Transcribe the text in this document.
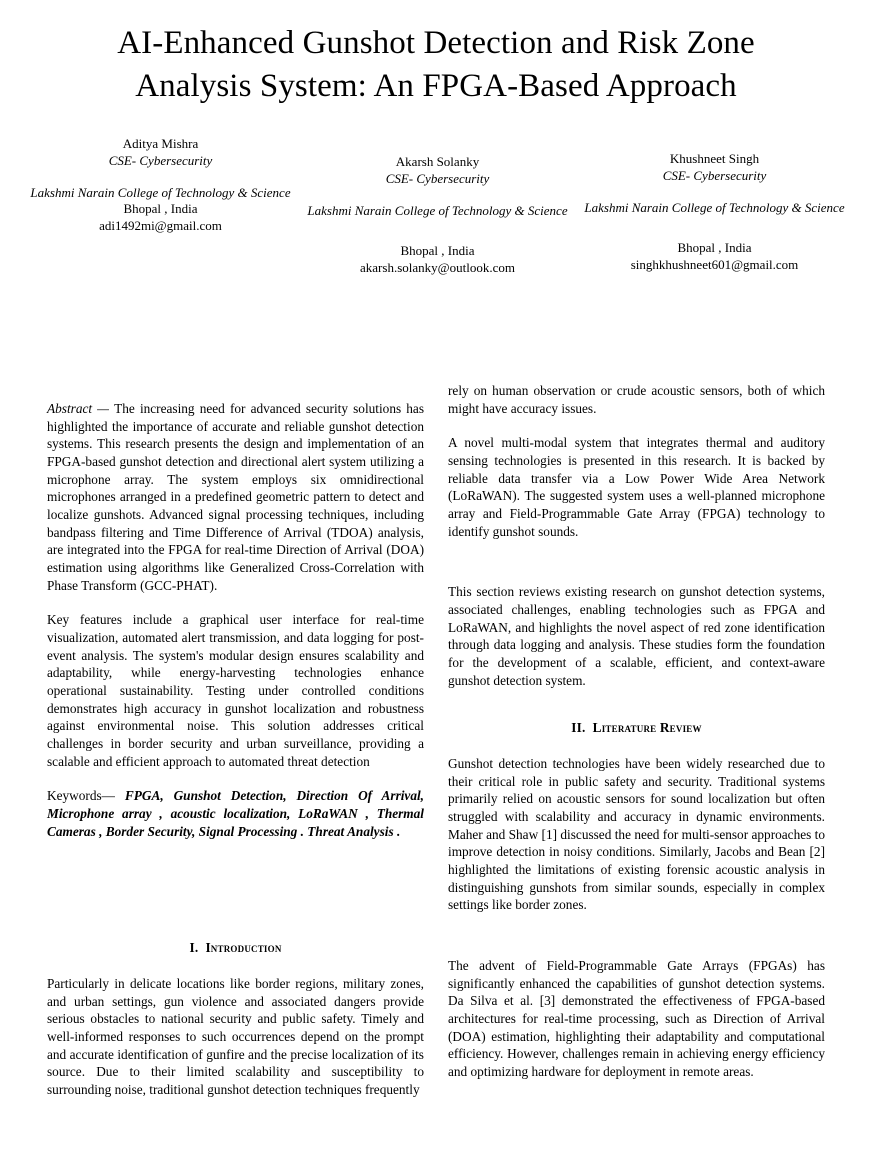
AI-Enhanced Gunshot Detection and Risk Zone Analysis System: An FPGA-Based Approach
Aditya Mishra
CSE- Cybersecurity
Lakshmi Narain College of Technology & Science
Bhopal , India
adi1492mi@gmail.com
Akarsh Solanky
CSE- Cybersecurity
Lakshmi Narain College of Technology & Science
Bhopal , India
akarsh.solanky@outlook.com
Khushneet Singh
CSE- Cybersecurity
Lakshmi Narain College of Technology & Science
Bhopal , India
singhkhushneet601@gmail.com

Abstract — The increasing need for advanced security solutions has highlighted the importance of accurate and reliable gunshot detection systems. This research presents the design and implementation of an FPGA-based gunshot detection and directional alert system utilizing a microphone array. The system employs six omnidirectional microphones arranged in a predefined geometric pattern to detect and localize gunshots. Advanced signal processing techniques, including bandpass filtering and Time Difference of Arrival (TDOA) analysis, are integrated into the FPGA for real-time Direction of Arrival (DOA) estimation using algorithms like Generalized Cross-Correlation with Phase Transform (GCC-PHAT).

Key features include a graphical user interface for real-time visualization, automated alert transmission, and data logging for post-event analysis. The system's modular design ensures scalability and adaptability, while energy-harvesting technologies enhance operational sustainability. Testing under controlled conditions demonstrates high accuracy in gunshot localization and robustness against environmental noise. This solution addresses critical challenges in border security and urban surveillance, providing a scalable and efficient approach to automated threat detection

Keywords— FPGA, Gunshot Detection, Direction Of Arrival, Microphone array , acoustic localization, LoRaWAN , Thermal Cameras , Border Security, Signal Processing . Threat Analysis .

I. Introduction

Particularly in delicate locations like border regions, military zones, and urban settings, gun violence and associated dangers provide serious obstacles to national security and public safety. Timely and well-informed responses to such occurrences depend on the prompt and accurate identification of gunfire and the precise localization of its source. Due to their limited scalability and susceptibility to surrounding noise, traditional gunshot detection techniques frequently

rely on human observation or crude acoustic sensors, both of which might have accuracy issues.

A novel multi-modal system that integrates thermal and auditory sensing technologies is presented in this research. It is backed by reliable data transfer via a Low Power Wide Area Network (LoRaWAN). The suggested system uses a well-planned microphone array and Field-Programmable Gate Array (FPGA) technology to identify gunshot sounds.

This section reviews existing research on gunshot detection systems, associated challenges, enabling technologies such as FPGA and LoRaWAN, and highlights the novel aspect of red zone identification through data logging and analysis. These studies form the foundation for the development of a scalable, efficient, and context-aware gunshot detection system.

II. Literature Review

Gunshot detection technologies have been widely researched due to their critical role in public safety and security. Traditional systems primarily relied on acoustic sensors for sound localization but often struggled with scalability and accuracy in dynamic environments. Maher and Shaw [1] discussed the need for multi-sensor approaches to improve detection in noisy conditions. Similarly, Jacobs and Bean [2] highlighted the limitations of existing forensic acoustic analysis in distinguishing gunshots from similar sounds, especially in complex settings like border zones.

The advent of Field-Programmable Gate Arrays (FPGAs) has significantly enhanced the capabilities of gunshot detection systems. Da Silva et al. [3] demonstrated the effectiveness of FPGA-based architectures for real-time processing, such as Direction of Arrival (DOA) estimation, highlighting their adaptability and computational efficiency. However, challenges remain in achieving energy efficiency and optimizing hardware for deployment in remote areas.
